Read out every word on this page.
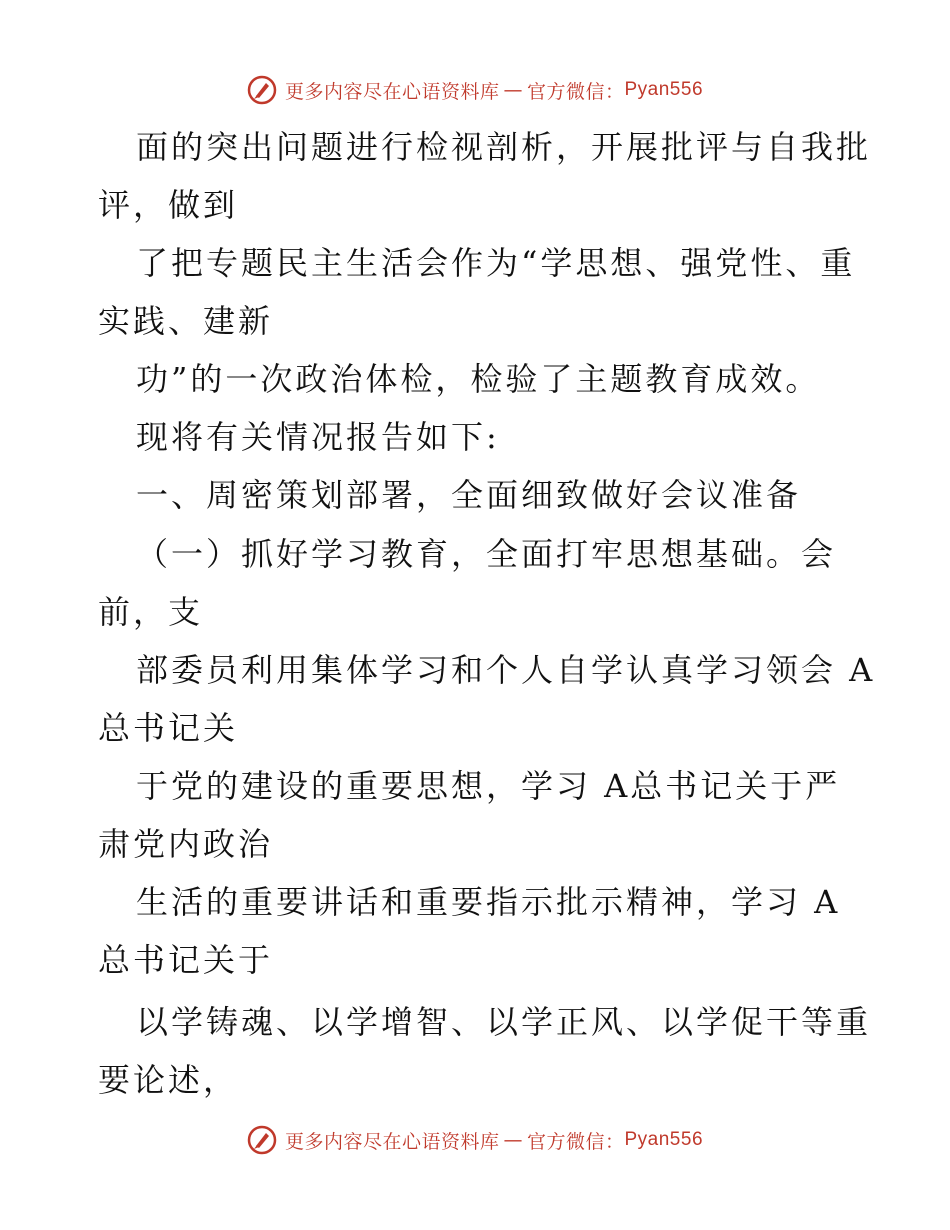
更多内容尽在心语资料库 — 官方微信： Pyan556
面的突出问题进行检视剖析，开展批评与自我批
评，做到
了把专题民主生活会作为“学思想、强党性、重
实践、建新
功”的一次政治体检，检验了主题教育成效。
现将有关情况报告如下:
一、周密策划部署，全面细致做好会议准备
（一）抓好学习教育，全面打牢思想基础。会
前，支
部委员利用集体学习和个人自学认真学习领会 A
总书记关
于党的建设的重要思想，学习 A总书记关于严
肃党内政治
生活的重要讲话和重要指示批示精神，学习 A
总书记关于
以学铸魂、以学增智、以学正风、以学促干等重
要论述，
更多内容尽在心语资料库 — 官方微信： Pyan556
